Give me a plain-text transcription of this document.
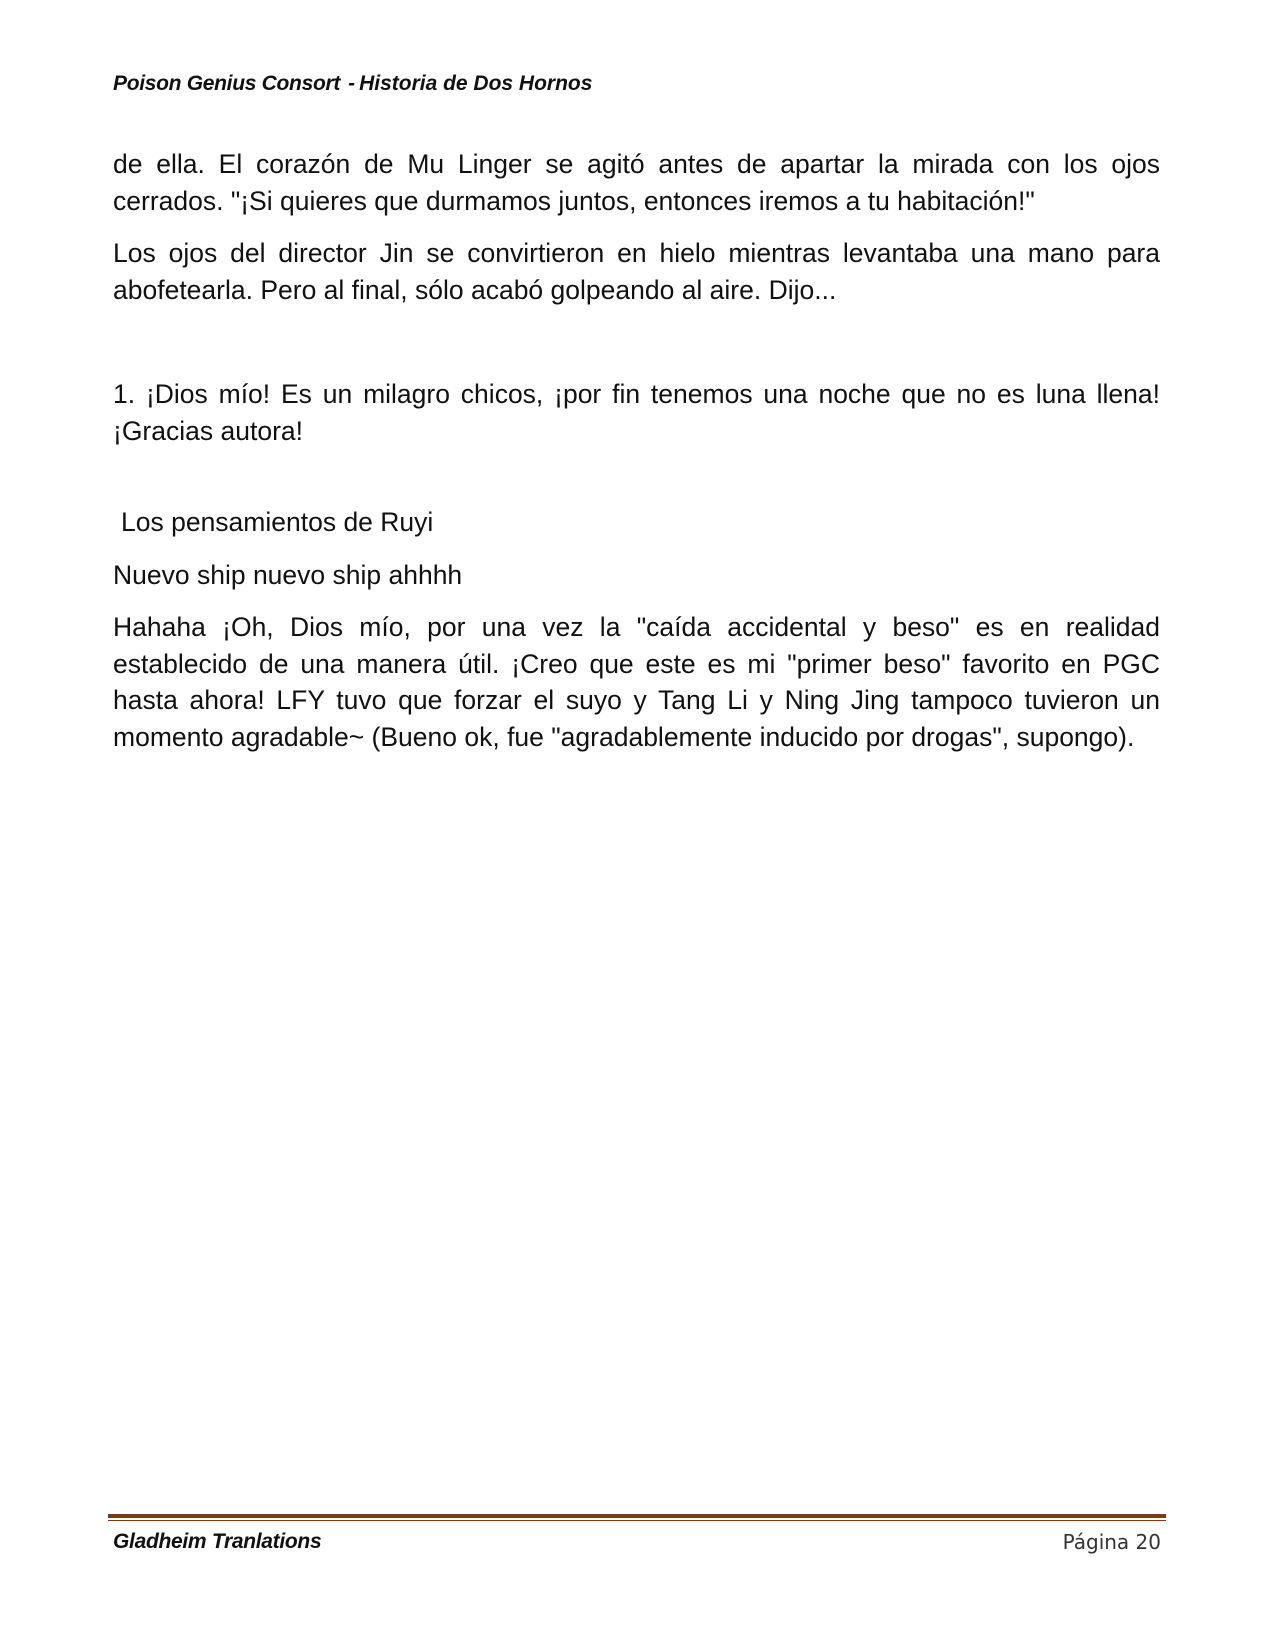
Poison Genius Consort - Historia de Dos Hornos

de ella. El corazón de Mu Linger se agitó antes de apartar la mirada con los ojos cerrados. "¡Si quieres que durmamos juntos, entonces iremos a tu habitación!"

Los ojos del director Jin se convirtieron en hielo mientras levantaba una mano para abofetearla. Pero al final, sólo acabó golpeando al aire. Dijo...

1. ¡Dios mío! Es un milagro chicos, ¡por fin tenemos una noche que no es luna llena! ¡Gracias autora!

Los pensamientos de Ruyi

Nuevo ship nuevo ship ahhhh

Hahaha ¡Oh, Dios mío, por una vez la "caída accidental y beso" es en realidad establecido de una manera útil. ¡Creo que este es mi "primer beso" favorito en PGC hasta ahora! LFY tuvo que forzar el suyo y Tang Li y Ning Jing tampoco tuvieron un momento agradable~ (Bueno ok, fue "agradablemente inducido por drogas", supongo).

Gladheim Tranlations	Página 20
